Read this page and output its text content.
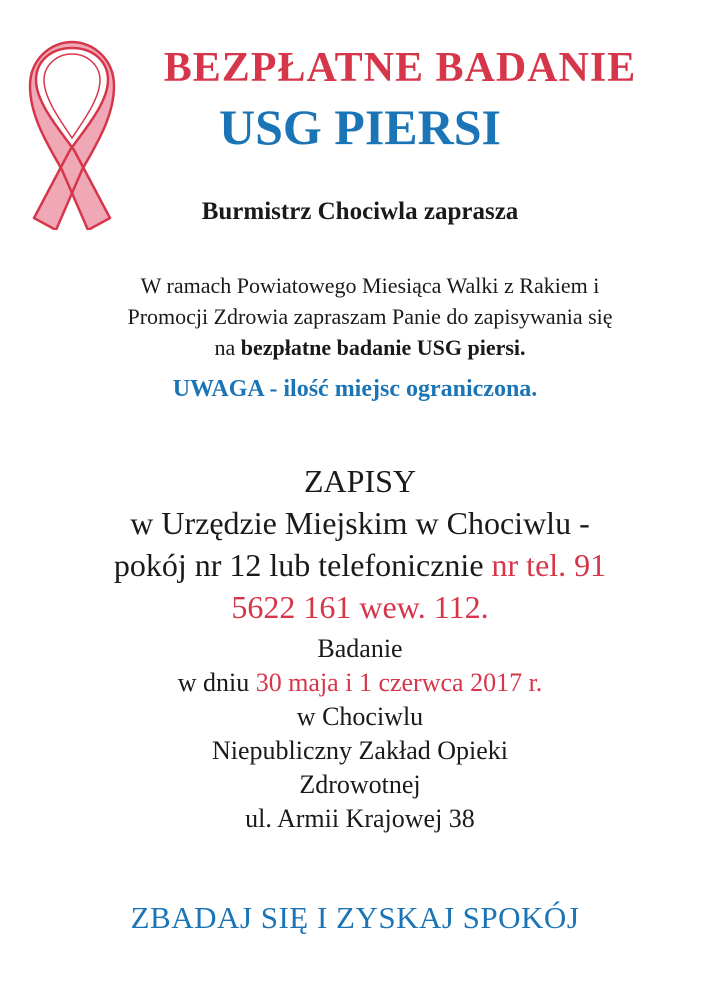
BEZPŁATNE BADANIE
USG PIERSI
Burmistrz Chociwla zaprasza
W ramach Powiatowego Miesiąca Walki z Rakiem i
Promocji Zdrowia zapraszam Panie do zapisywania się
na bezpłatne badanie USG piersi.
UWAGA - ilość miejsc ograniczona.
ZAPISY
w Urzędzie Miejskim w Chociwlu -
pokój nr 12 lub telefonicznie nr tel. 91
5622 161 wew. 112.
Badanie
w dniu 30 maja i 1 czerwca 2017 r.
w Chociwlu
Niepubliczny Zakład Opieki
Zdrowotnej
ul. Armii Krajowej 38
ZBADAJ SIĘ I ZYSKAJ SPOKÓJ
